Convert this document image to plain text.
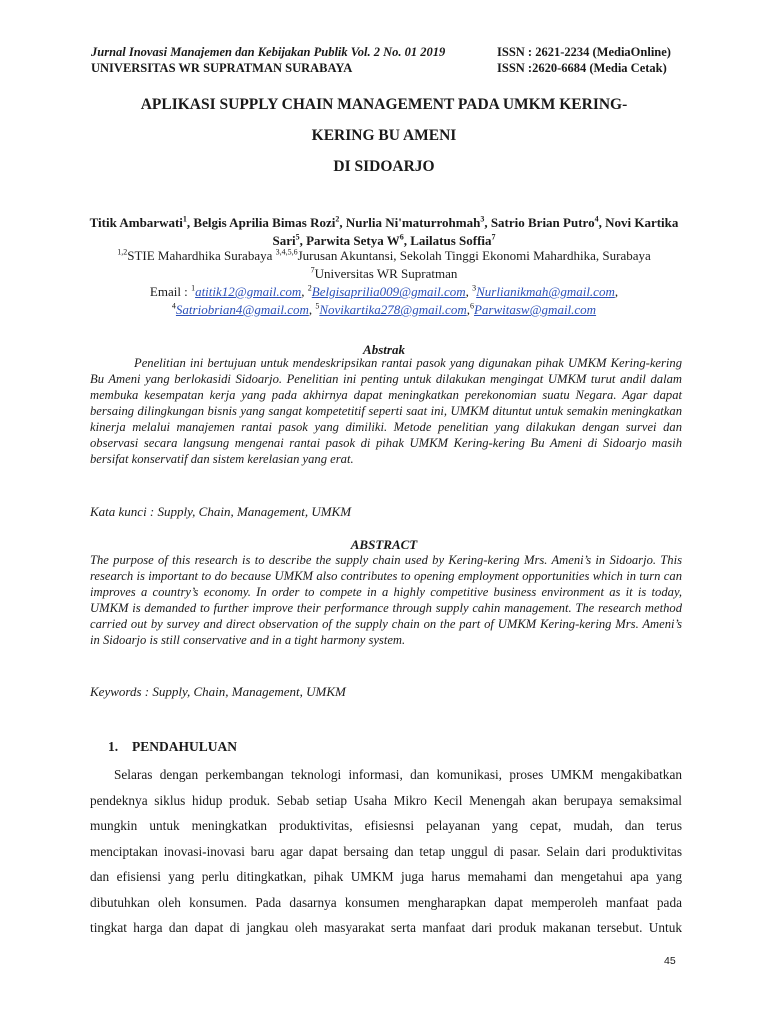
Jurnal Inovasi Manajemen dan Kebijakan Publik Vol. 2 No. 01 2019	ISSN : 2621-2234 (MediaOnline)
UNIVERSITAS WR SUPRATMAN SURABAYA	ISSN :2620-6684 (Media Cetak)
APLIKASI SUPPLY CHAIN MANAGEMENT PADA UMKM KERING-
KERING BU AMENI
DI SIDOARJO
Titik Ambarwati$^1$, Belgis Aprilia Bimas Rozi$^2$, Nurlia Ni'maturrohmah$^3$, Satrio Brian Putro$^4$, Novi Kartika Sari$^5$, Parwita Setya $W^6$, Lailatus Soffia$^7$
$^{1,2}$STIE Mahardhika Surabaya $^{3,4,5,6}$Jurusan Akuntansi, Sekolah Tinggi Ekonomi Mahardhika, Surabaya
$^7$Universitas WR Supratman
Email : $^1$atitik12@gmail.com, $^2$Belgisaprilia009@gmail.com, $^3$Nurlianikmah@gmail.com,
$^4$Satriobrian4@gmail.com, $^5$Novikartika278@gmail.com,$^6$Parwitasw@gmail.com
Abstrak
Penelitian ini bertujuan untuk mendeskripsikan rantai pasok yang digunakan pihak UMKM Kering-kering Bu Ameni yang berlokasidi Sidoarjo. Penelitian ini penting untuk dilakukan mengingat UMKM turut andil dalam membuka kesempatan kerja yang pada akhirnya dapat meningkatkan perekonomian suatu Negara. Agar dapat bersaing dilingkungan bisnis yang sangat kompetetitif seperti saat ini, UMKM dituntut untuk semakin meningkatkan kinerja melalui manajemen rantai pasok yang dimiliki. Metode penelitian yang dilakukan dengan survei dan observasi secara langsung mengenai rantai pasok di pihak UMKM Kering-kering Bu Ameni di Sidoarjo masih bersifat konservatif dan sistem kerelasian yang erat.
Kata kunci : Supply, Chain, Management, UMKM
ABSTRACT
The purpose of this research is to describe the supply chain used by Kering-kering Mrs. Ameni’s in Sidoarjo. This research is important to do because UMKM also contributes to opening employment opportunities which in turn can improves a country’s economy. In order to compete in a highly competitive business environment as it is today, UMKM is demanded to further improve their performance through supply cahin management. The research method carried out by survey and direct observation of the supply chain on the part of UMKM Kering-kering Mrs. Ameni’s in Sidoarjo is still conservative and in a tight harmony system.
Keywords : Supply, Chain, Management, UMKM
1. PENDAHULUAN
Selaras dengan perkembangan teknologi informasi, dan komunikasi, proses UMKM mengakibatkan
pendeknya siklus hidup produk. Sebab setiap Usaha Mikro Kecil Menengah akan berupaya semaksimal
mungkin untuk meningkatkan produktivitas, efisiesnsi pelayanan yang cepat, mudah, dan terus
menciptakan inovasi-inovasi baru agar dapat bersaing dan tetap unggul di pasar. Selain dari produktivitas
dan efisiensi yang perlu ditingkatkan, pihak UMKM juga harus memahami dan mengetahui apa yang
dibutuhkan oleh konsumen. Pada dasarnya konsumen mengharapkan dapat memperoleh manfaat pada
tingkat harga dan dapat di jangkau oleh masyarakat serta manfaat dari produk makanan tersebut. Untuk
45
